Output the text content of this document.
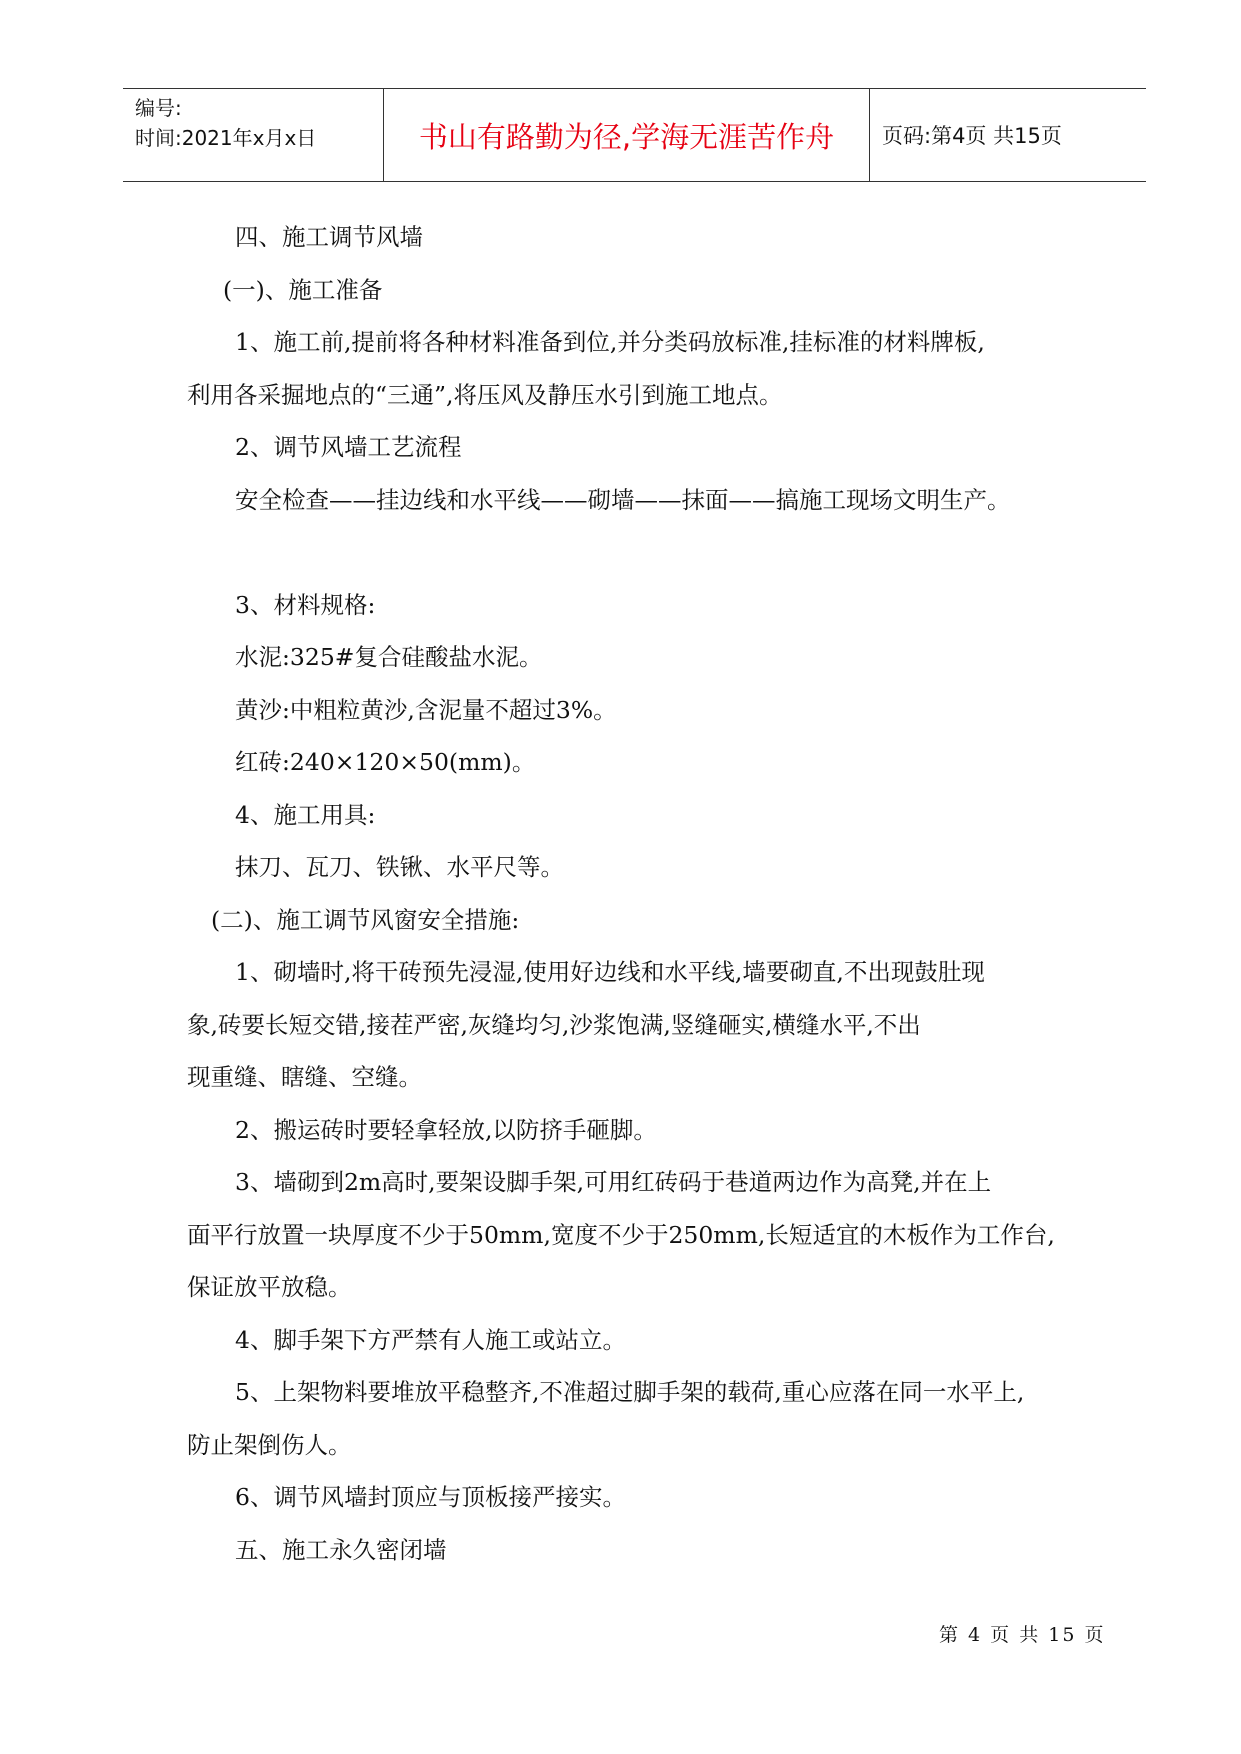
编号:
时间:2021年x月x日	书山有路勤为径,学海无涯苦作舟	页码:第4页 共15页
四、施工调节风墙
(一)、施工准备
1、施工前,提前将各种材料准备到位,并分类码放标准,挂标准的材料牌板,
利用各采掘地点的“三通”,将压风及静压水引到施工地点。
2、调节风墙工艺流程
安全检查——挂边线和水平线——砌墙——抹面——搞施工现场文明生产。
3、材料规格:
水泥:325#复合硅酸盐水泥。
黄沙:中粗粒黄沙,含泥量不超过3%。
红砖:240×120×50(mm)。
4、施工用具:
抹刀、瓦刀、铁锹、水平尺等。
(二)、施工调节风窗安全措施:
1、砌墙时,将干砖预先浸湿,使用好边线和水平线,墙要砌直,不出现鼓肚现
象,砖要长短交错,接茬严密,灰缝均匀,沙浆饱满,竖缝砸实,横缝水平,不出
现重缝、瞎缝、空缝。
2、搬运砖时要轻拿轻放,以防挤手砸脚。
3、墙砌到2m高时,要架设脚手架,可用红砖码于巷道两边作为高凳,并在上
面平行放置一块厚度不少于50mm,宽度不少于250mm,长短适宜的木板作为工作台,
保证放平放稳。
4、脚手架下方严禁有人施工或站立。
5、上架物料要堆放平稳整齐,不准超过脚手架的载荷,重心应落在同一水平上,
防止架倒伤人。
6、调节风墙封顶应与顶板接严接实。
五、施工永久密闭墙
第 4 页 共 15 页
